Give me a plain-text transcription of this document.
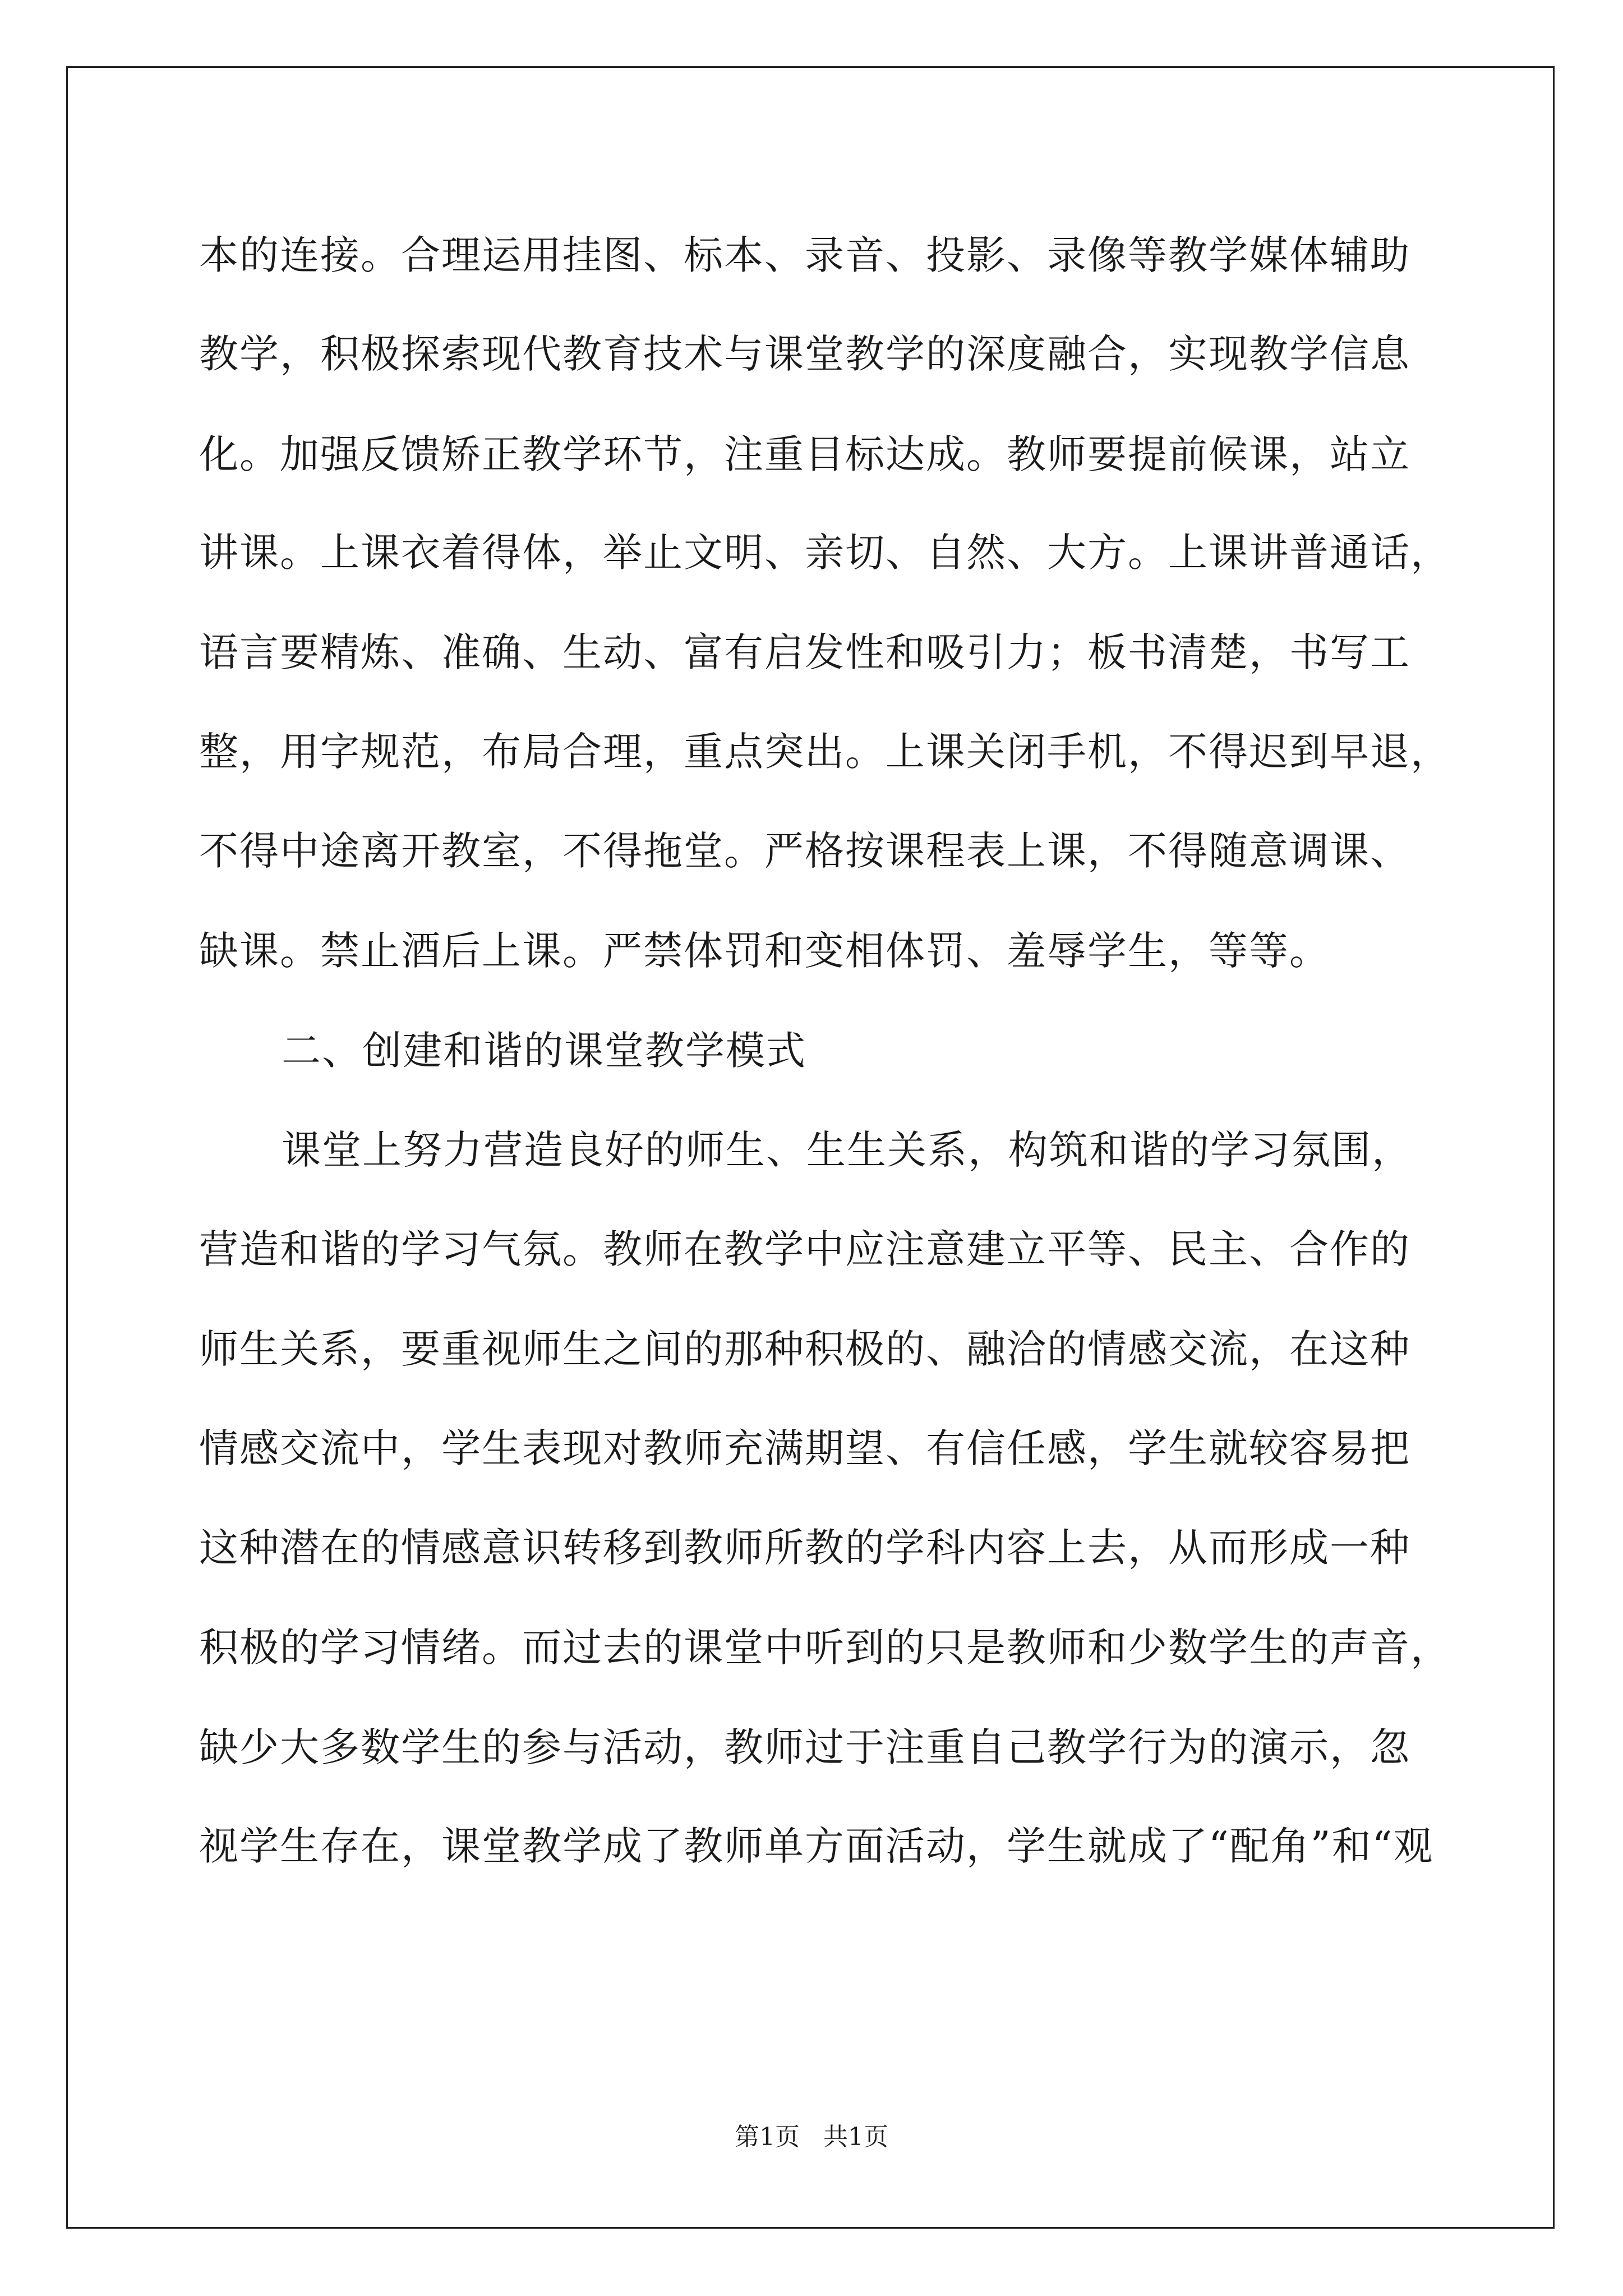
本的连接。合理运用挂图、标本、录音、投影、录像等教学媒体辅助
教学，积极探索现代教育技术与课堂教学的深度融合，实现教学信息
化。加强反馈矫正教学环节，注重目标达成。教师要提前候课，站立
讲课。上课衣着得体，举止文明、亲切、自然、大方。上课讲普通话，
语言要精炼、准确、生动、富有启发性和吸引力；板书清楚，书写工
整，用字规范，布局合理，重点突出。上课关闭手机，不得迟到早退，
不得中途离开教室，不得拖堂。严格按课程表上课，不得随意调课、
缺课。禁止酒后上课。严禁体罚和变相体罚、羞辱学生，等等。
二、创建和谐的课堂教学模式
课堂上努力营造良好的师生、生生关系，构筑和谐的学习氛围，
营造和谐的学习气氛。教师在教学中应注意建立平等、民主、合作的
师生关系，要重视师生之间的那种积极的、融洽的情感交流，在这种
情感交流中，学生表现对教师充满期望、有信任感，学生就较容易把
这种潜在的情感意识转移到教师所教的学科内容上去，从而形成一种
积极的学习情绪。而过去的课堂中听到的只是教师和少数学生的声音，
缺少大多数学生的参与活动，教师过于注重自己教学行为的演示，忽
视学生存在，课堂教学成了教师单方面活动，学生就成了“配角”和“观
第1页   共1页
